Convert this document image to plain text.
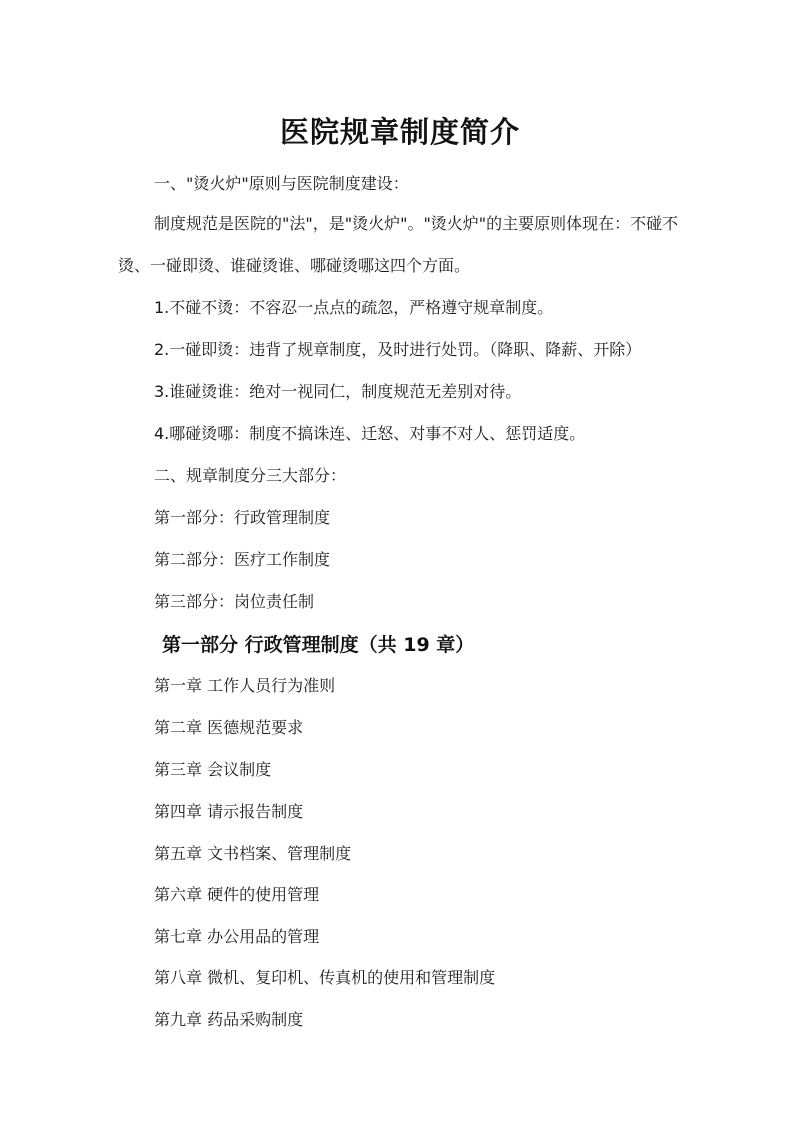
医院规章制度简介
一、"烫火炉"原则与医院制度建设：
制度规范是医院的"法"，是"烫火炉"。"烫火炉"的主要原则体现在：不碰不烫、一碰即烫、谁碰烫谁、哪碰烫哪这四个方面。
1.不碰不烫：不容忍一点点的疏忽，严格遵守规章制度。
2.一碰即烫：违背了规章制度，及时进行处罚。（降职、降薪、开除）
3.谁碰烫谁：绝对一视同仁，制度规范无差别对待。
4.哪碰烫哪：制度不搞诛连、迁怒、对事不对人、惩罚适度。
二、规章制度分三大部分：
第一部分：行政管理制度
第二部分：医疗工作制度
第三部分：岗位责任制
第一部分 行政管理制度（共 19 章）
第一章 工作人员行为准则
第二章 医德规范要求
第三章 会议制度
第四章 请示报告制度
第五章 文书档案、管理制度
第六章 硬件的使用管理
第七章 办公用品的管理
第八章 微机、复印机、传真机的使用和管理制度
第九章 药品采购制度
